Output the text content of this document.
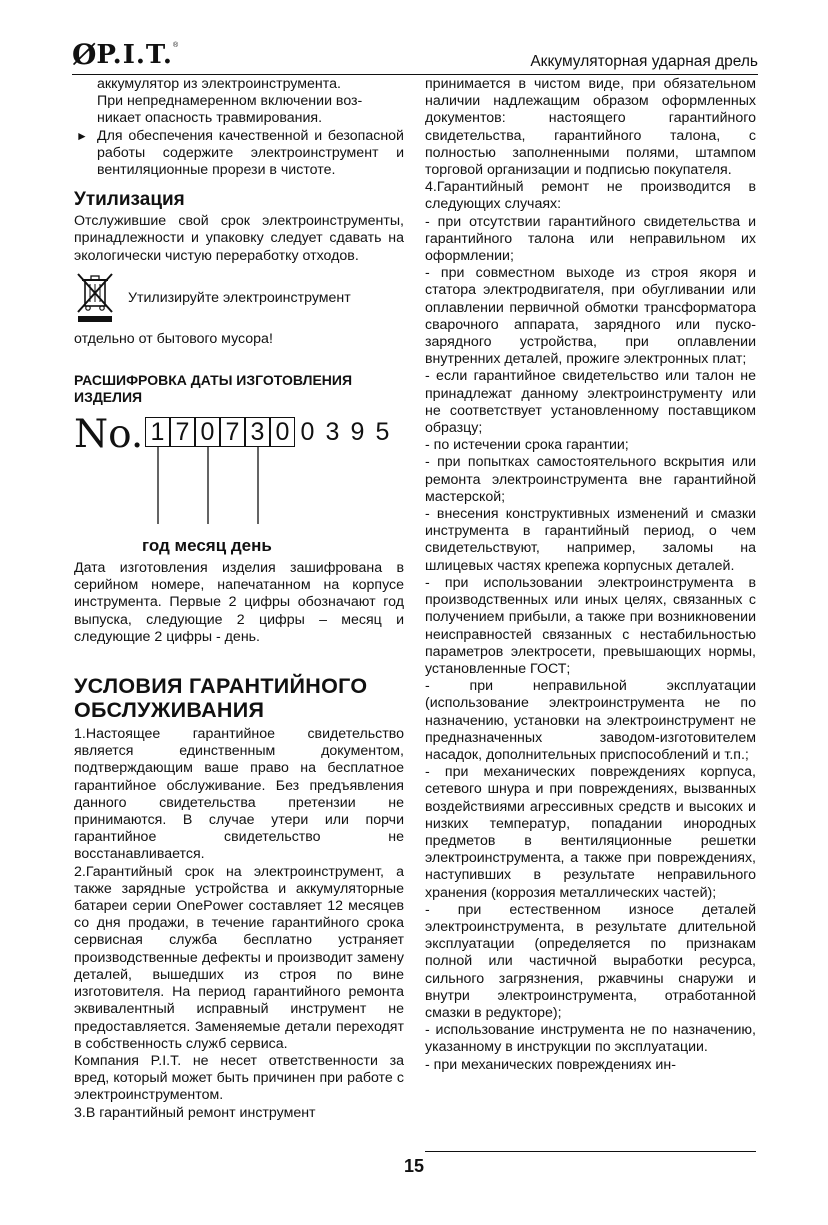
Ø P.I.T. ®
Аккумуляторная ударная дрель

аккумулятор из электроинструмента.

При непреднамеренном включении воз-

никает опасность травмирования.

► Для обеспечения качественной и безопасной работы содержите электроинструмент и вентиляционные прорези в чистоте.

Утилизация

Отслужившие свой срок электроинструменты, принадлежности и упаковку следует сдавать на экологически чистую переработку отходов.

Утилизируйте электроинструмент

отдельно от бытового мусора!

РАСШИФРОВКА ДАТЫ ИЗГОТОВЛЕНИЯ ИЗДЕЛИЯ
No. 1 7 0 7 3 0 0 3 9 5
год месяц день

Дата изготовления изделия зашифрована в серийном номере, напечатанном на корпусе инструмента. Первые 2 цифры обозначают год выпуска, следующие 2 цифры – месяц и следующие 2 цифры - день.

УСЛОВИЯ ГАРАНТИЙНОГО ОБСЛУЖИВАНИЯ

1.Настоящее гарантийное свидетельство является единственным документом, подтверждающим ваше право на бесплатное гарантийное обслуживание. Без предъявления данного свидетельства претензии не принимаются. В случае утери или порчи гарантийное свидетельство не восстанавливается.

2.Гарантийный срок на электроинструмент, а также зарядные устройства и аккумуляторные батареи серии OnePower составляет 12 месяцев со дня продажи, в течение гарантийного срока сервисная служба бесплатно устраняет производственные дефекты и производит замену деталей, вышедших из строя по вине изготовителя. На период гарантийного ремонта эквивалентный исправный инструмент не предоставляется. Заменяемые детали переходят в собственность служб сервиса.

Компания P.I.T. не несет ответственности за вред, который может быть причинен при работе с электроинструментом.

3.В гарантийный ремонт инструмент

принимается в чистом виде, при обязательном наличии надлежащим образом оформленных документов: настоящего гарантийного свидетельства, гарантийного талона, с полностью заполненными полями, штампом торговой организации и подписью покупателя.

4.Гарантийный ремонт не производится в следующих случаях:

- при отсутствии гарантийного свидетельства и гарантийного талона или неправильном их оформлении;

- при совместном выходе из строя якоря и статора электродвигателя, при обугливании или оплавлении первичной обмотки трансформатора сварочного аппарата, зарядного или пуско-зарядного устройства, при оплавлении внутренних деталей, прожиге электронных плат;

- если гарантийное свидетельство или талон не принадлежат данному электроинструменту или не соответствует установленному поставщиком образцу;

- по истечении срока гарантии;

- при попытках самостоятельного вскрытия или ремонта электроинструмента вне гарантийной мастерской;

- внесения конструктивных изменений и смазки инструмента в гарантийный период, о чем свидетельствуют, например, заломы на шлицевых частях крепежа корпусных деталей.

- при использовании электроинструмента в производственных или иных целях, связанных с получением прибыли, а также при возникновении неисправностей связанных с нестабильностью параметров электросети, превышающих нормы, установленные ГОСТ;

- при неправильной эксплуатации (использование электроинструмента не по назначению, установки на электроинструмент не предназначенных заводом-изготовителем насадок, дополнительных приспособлений и т.п.;

- при механических повреждениях корпуса, сетевого шнура и при повреждениях, вызванных воздействиями агрессивных средств и высоких и низких температур, попадании инородных предметов в вентиляционные решетки электроинструмента, а также при повреждениях, наступивших в результате неправильного хранения (коррозия металлических частей);

- при естественном износе деталей электроинструмента, в результате длительной эксплуатации (определяется по признакам полной или частичной выработки ресурса, сильного загрязнения, ржавчины снаружи и внутри электроинструмента, отработанной смазки в редукторе);

- использование инструмента не по назначению, указанному в инструкции по эксплуатации.

- при механических повреждениях ин-

15
